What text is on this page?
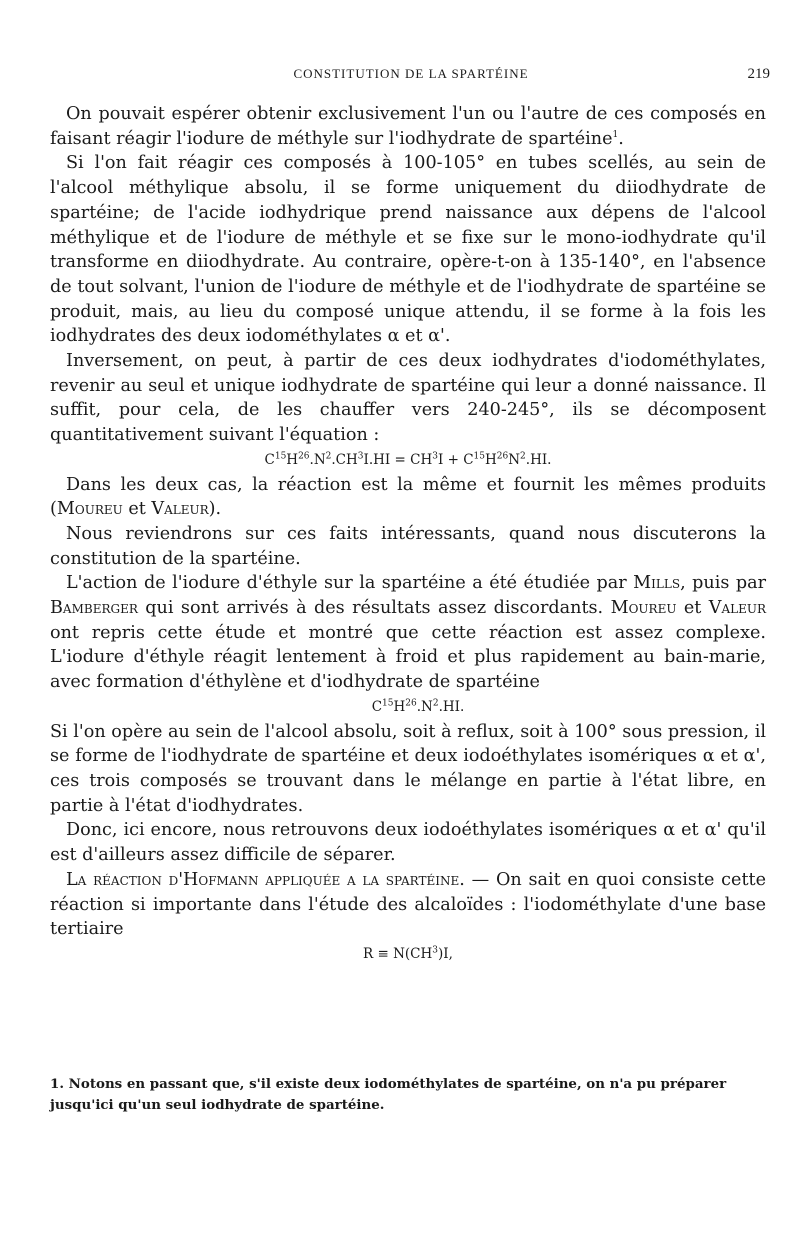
CONSTITUTION DE LA SPARTÉINE	219

On pouvait espérer obtenir exclusivement l'un ou l'autre de ces composés en faisant réagir l'iodure de méthyle sur l'iodhydrate de spartéine$^1$.

Si l'on fait réagir ces composés à 100-105° en tubes scellés, au sein de l'alcool méthylique absolu, il se forme uniquement du diiodhydrate de spartéine; de l'acide iodhydrique prend naissance aux dépens de l'alcool méthylique et de l'iodure de méthyle et se fixe sur le mono-iodhydrate qu'il transforme en diiodhydrate. Au contraire, opère-t-on à 135-140°, en l'absence de tout solvant, l'union de l'iodure de méthyle et de l'iodhydrate de spartéine se produit, mais, au lieu du composé unique attendu, il se forme à la fois les iodhydrates des deux iodométhylates α et α'.

Inversement, on peut, à partir de ces deux iodhydrates d'iodométhylates, revenir au seul et unique iodhydrate de spartéine qui leur a donné naissance. Il suffit, pour cela, de les chauffer vers 240-245°, ils se décomposent quantitativement suivant l'équation :

$C^{15}H^{26}.N^2.CH^3I.HI = CH^3I + C^{15}H^{26}N^2.HI$.

Dans les deux cas, la réaction est la même et fournit les mêmes produits (Moureu et Valeur).

Nous reviendrons sur ces faits intéressants, quand nous discuterons la constitution de la spartéine.

L'action de l'iodure d'éthyle sur la spartéine a été étudiée par Mills, puis par Bamberger qui sont arrivés à des résultats assez discordants. Moureu et Valeur ont repris cette étude et montré que cette réaction est assez complexe. L'iodure d'éthyle réagit lentement à froid et plus rapidement au bain-marie, avec formation d'éthylène et d'iodhydrate de spartéine

$C^{15}H^{26}.N^2.HI$.

Si l'on opère au sein de l'alcool absolu, soit à reflux, soit à 100° sous pression, il se forme de l'iodhydrate de spartéine et deux iodoéthylates isomériques α et α', ces trois composés se trouvant dans le mélange en partie à l'état libre, en partie à l'état d'iodhydrates.

Donc, ici encore, nous retrouvons deux iodoéthylates isomériques α et α' qu'il est d'ailleurs assez difficile de séparer.

La réaction d'Hofmann appliquée a la spartéine. — On sait en quoi consiste cette réaction si importante dans l'étude des alcaloïdes : l'iodométhylate d'une base tertiaire

$R \equiv N(CH^3)I$,

1. Notons en passant que, s'il existe deux iodométhylates de spartéine, on n'a pu préparer jusqu'ici qu'un seul iodhydrate de spartéine.
